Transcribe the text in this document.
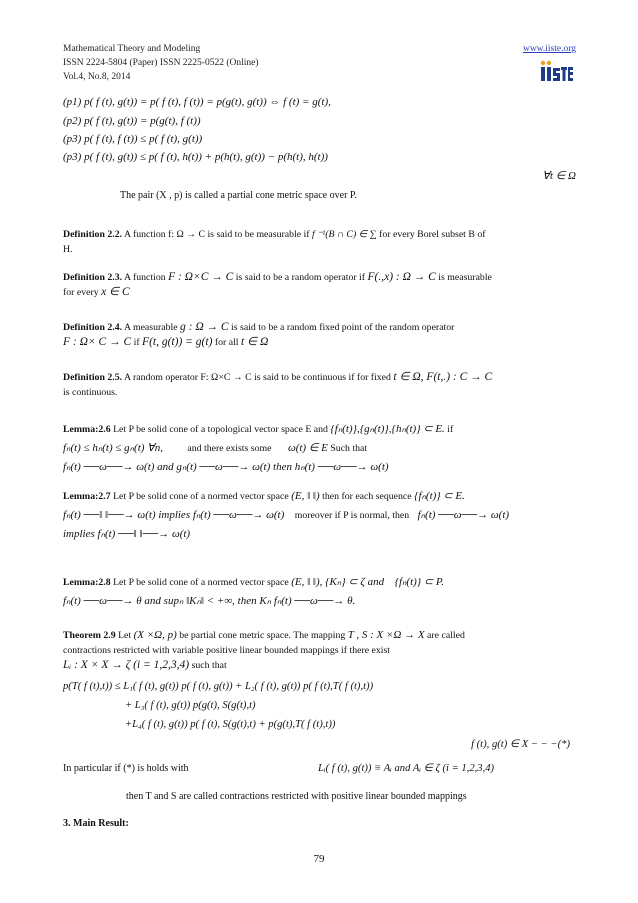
Mathematical Theory and Modeling
ISSN 2224-5804 (Paper) ISSN 2225-0522 (Online)
Vol.4, No.8, 2014
www.iiste.org
(p1) p( f (t), g(t)) = p( f (t), f (t)) = p(g(t), g(t)) ⇔ f (t) = g(t),
(p2) p( f (t), g(t)) = p(g(t), f (t))
(p3) p( f (t), f (t)) ≤ p( f (t), g(t))
(p3) p( f (t), g(t)) ≤ p( f (t), h(t)) + p(h(t), g(t)) − p(h(t), h(t))
∀t ∈ Ω
The pair (X , p) is called a partial cone metric space over P.
Definition 2.2. A function f: Ω → C is said to be measurable if f ⁻¹(B ∩ C) ∈ ∑ for every Borel subset B of
H.
Definition 2.3. A function F : Ω×C → C is said to be a random operator if F(.,x) : Ω → C is measurable
for every x ∈ C
Definition 2.4. A measurable g : Ω → C is said to be a random fixed point of the random operator
F : Ω× C → C if F(t, g(t)) = g(t) for all t ∈ Ω
Definition 2.5. A random operator F: Ω×C → C is said to be continuous if for fixed t ∈ Ω, F(t,.) : C → C
is continuous.
Lemma:2.6 Let P be solid cone of a topological vector space E and {fₙ(t)},{gₙ(t)},{hₙ(t)} ⊂ E. if
fₙ(t) ≤ hₙ(t) ≤ gₙ(t) ∀n, and there exists some ω(t) ∈ E Such that
fₙ(t) ──ω──→ ω(t) and gₙ(t) ──ω──→ ω(t) then hₙ(t) ──ω──→ ω(t)
Lemma:2.7 Let P be solid cone of a normed vector space (E, ‖ ‖) then for each sequence {fₙ(t)} ⊂ E.
fₙ(t) ──‖ ‖──→ ω(t) implies fₙ(t) ──ω──→ ω(t) moreover if P is normal, then fₙ(t) ──ω──→ ω(t)
implies fₙ(t) ──‖ ‖──→ ω(t)
Lemma:2.8 Let P be solid cone of a normed vector space (E, ‖ ‖), {Kₙ} ⊂ ζ and {fₙ(t)} ⊂ P.
fₙ(t) ──ω──→ θ and supₙ ‖Kₙ‖ < +∞, then Kₙ fₙ(t) ──ω──→ θ.
Theorem 2.9 Let (X ×Ω, p) be partial cone metric space. The mapping T , S : X ×Ω → X are called
contractions restricted with variable positive linear bounded mappings if there exist
Lᵢ : X × X → ζ (i = 1,2,3,4) such that
p(T( f (t),t)) ≤ L₁( f (t), g(t)) p( f (t), g(t)) + L₂( f (t), g(t)) p( f (t),T( f (t),t))
+ L₃( f (t), g(t)) p(g(t), S(g(t),t)
+L₄( f (t), g(t)) p( f (t), S(g(t),t) + p(g(t),T( f (t),t))
f (t), g(t) ∈ X − − −(*)
In particular if (*) is holds with	Lᵢ( f (t), g(t)) ≡ Aᵢ and Aᵢ ∈ ζ (i = 1,2,3,4)
then T and S are called contractions restricted with positive linear bounded mappings
3. Main Result:
79
